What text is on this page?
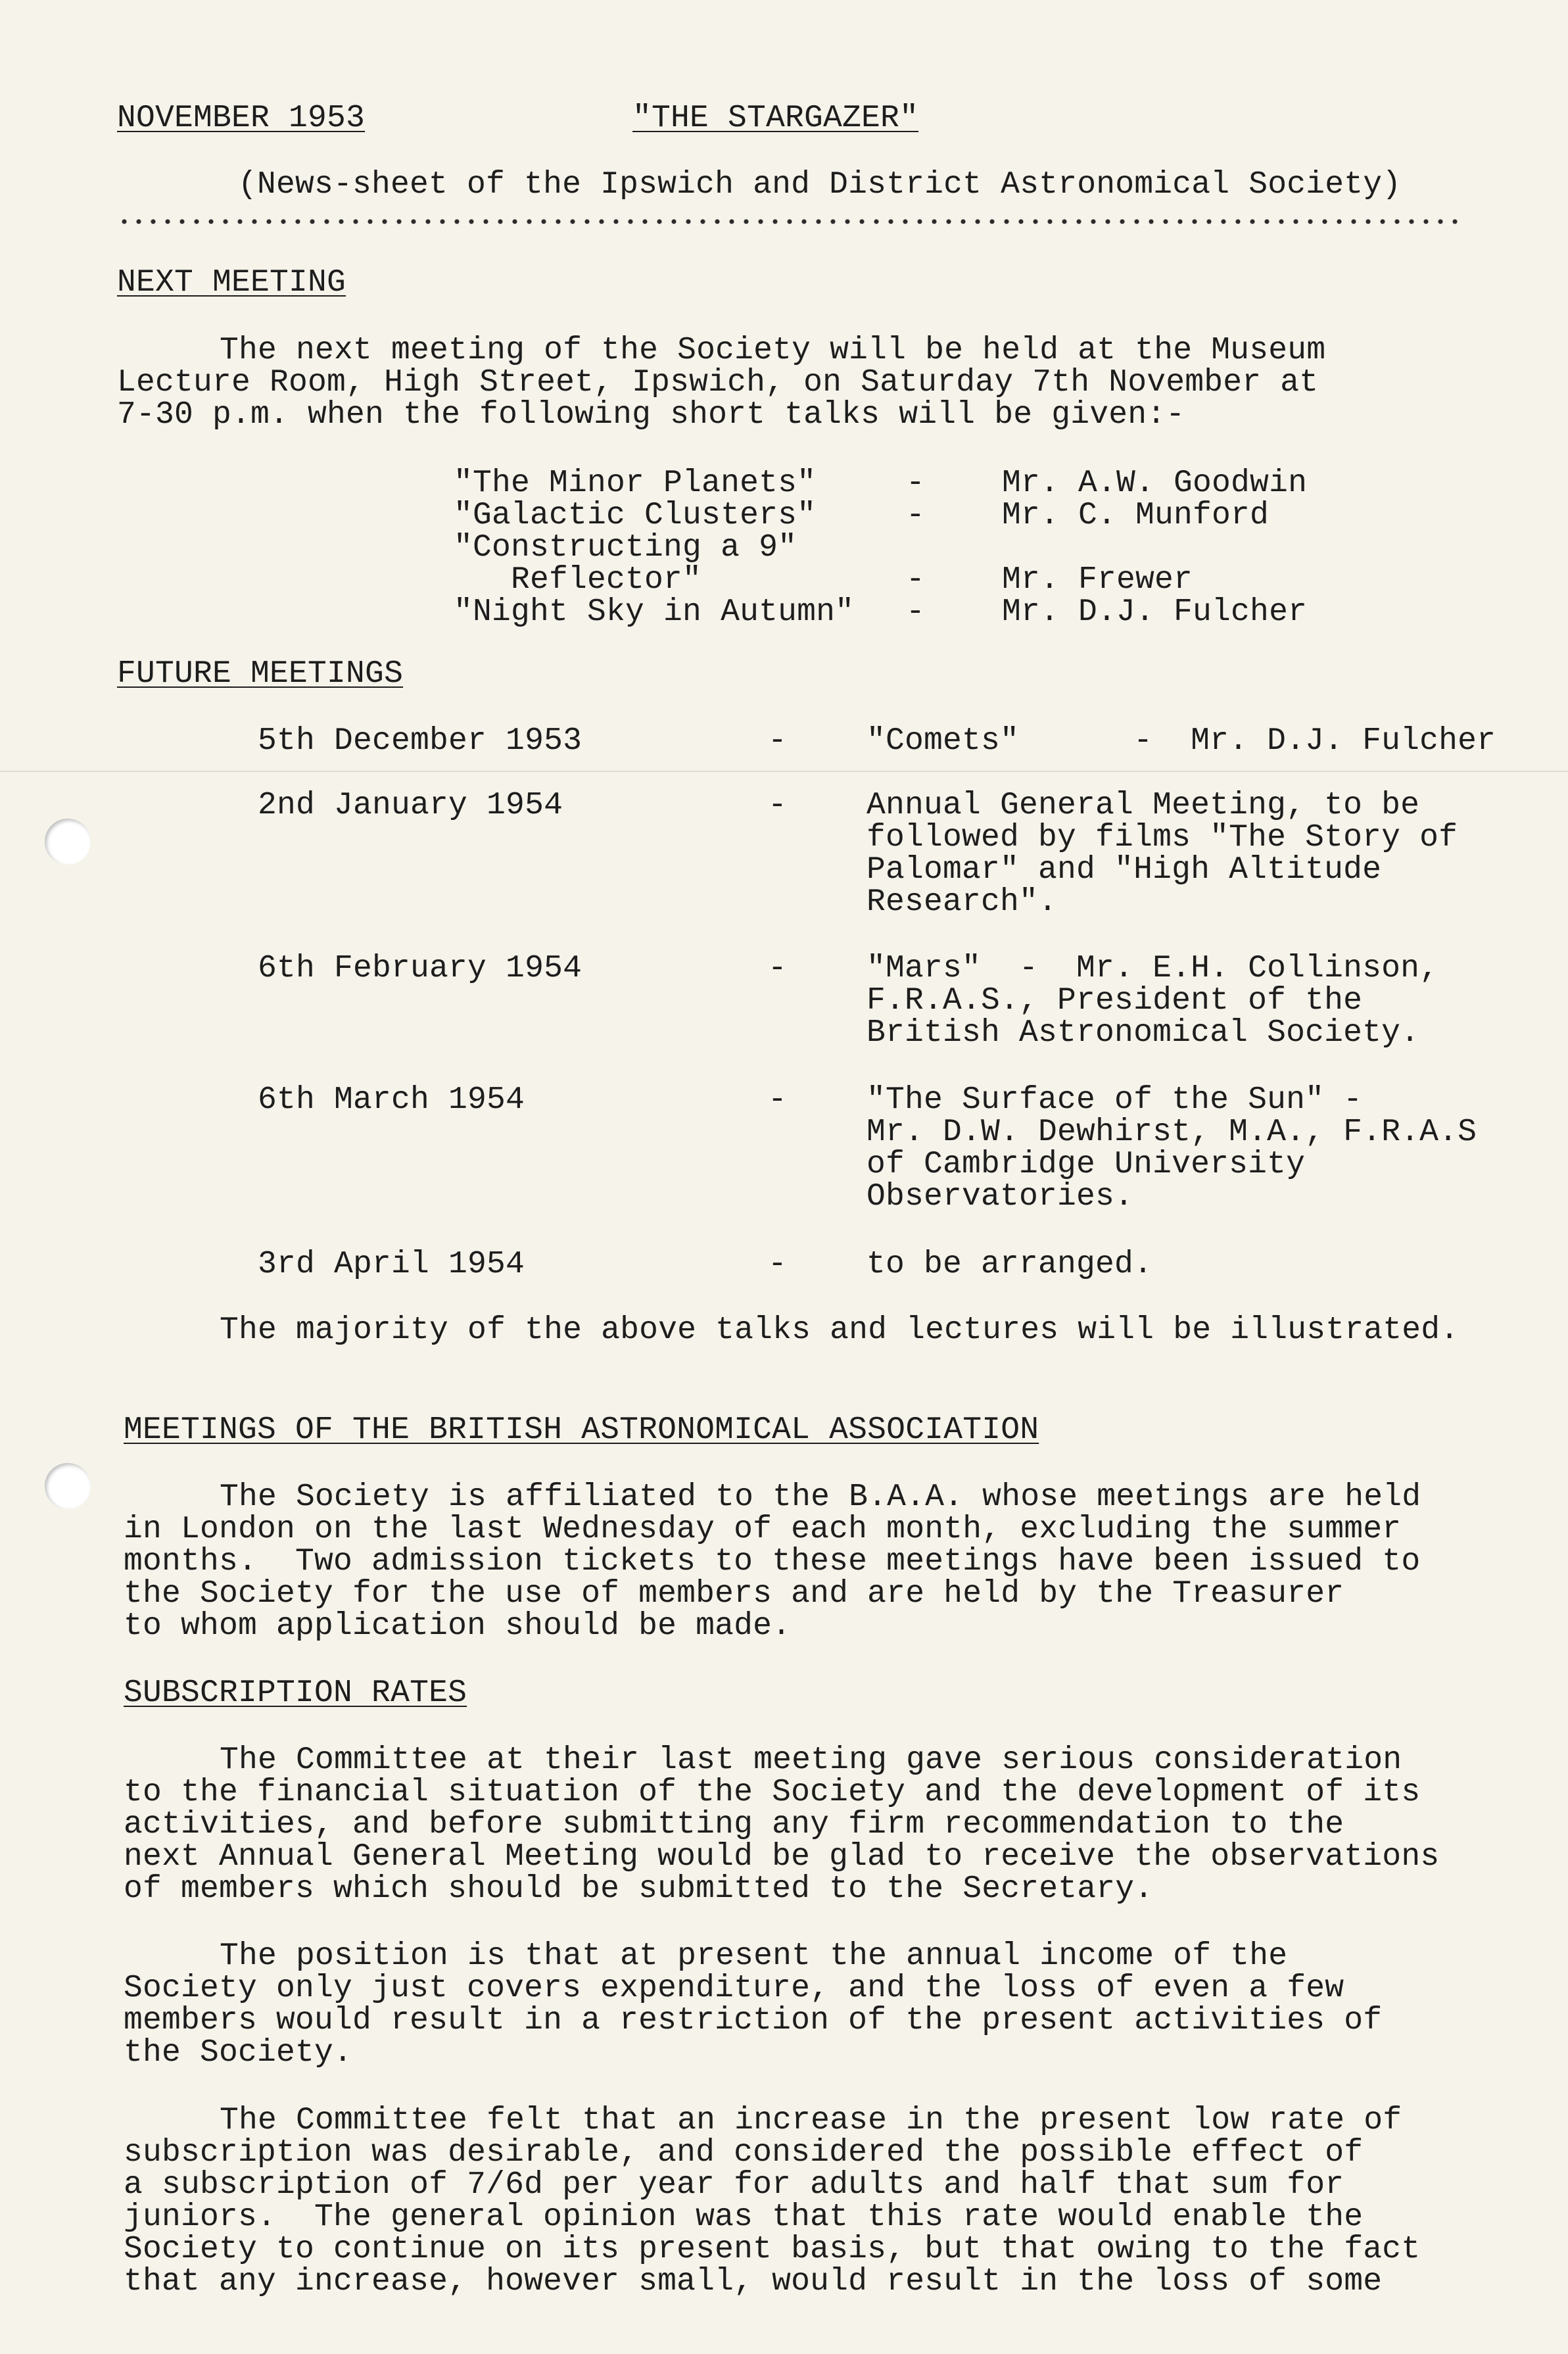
NOVEMBER 1953	"THE STARGAZER"
(News-sheet of the Ipswich and District Astronomical Society)
NEXT MEETING
The next meeting of the Society will be held at the Museum
Lecture Room, High Street, Ipswich, on Saturday 7th November at
7-30 p.m. when the following short talks will be given:-
"The Minor Planets"	- Mr. A.W. Goodwin
"Galactic Clusters"	- Mr. C. Munford
"Constructing a 9"
Reflector"	- Mr. Frewer
"Night Sky in Autumn" - Mr. D.J. Fulcher
FUTURE MEETINGS
5th December 1953	-	"Comets"      -  Mr. D.J. Fulcher
2nd January 1954	-	Annual General Meeting, to be
followed by films "The Story of
Palomar" and "High Altitude
Research".
6th February 1954	-	"Mars"  -  Mr. E.H. Collinson,
F.R.A.S., President of the
British Astronomical Society.
6th March 1954	-	"The Surface of the Sun" -
Mr. D.W. Dewhirst, M.A., F.R.A.S
of Cambridge University
Observatories.
3rd April 1954	-	to be arranged.
The majority of the above talks and lectures will be illustrated.
MEETINGS OF THE BRITISH ASTRONOMICAL ASSOCIATION
The Society is affiliated to the B.A.A. whose meetings are held
in London on the last Wednesday of each month, excluding the summer
months.  Two admission tickets to these meetings have been issued to
the Society for the use of members and are held by the Treasurer
to whom application should be made.
SUBSCRIPTION RATES
The Committee at their last meeting gave serious consideration
to the financial situation of the Society and the development of its
activities, and before submitting any firm recommendation to the
next Annual General Meeting would be glad to receive the observations
of members which should be submitted to the Secretary.
The position is that at present the annual income of the
Society only just covers expenditure, and the loss of even a few
members would result in a restriction of the present activities of
the Society.
The Committee felt that an increase in the present low rate of
subscription was desirable, and considered the possible effect of
a subscription of 7/6d per year for adults and half that sum for
juniors.  The general opinion was that this rate would enable the
Society to continue on its present basis, but that owing to the fact
that any increase, however small, would result in the loss of some
